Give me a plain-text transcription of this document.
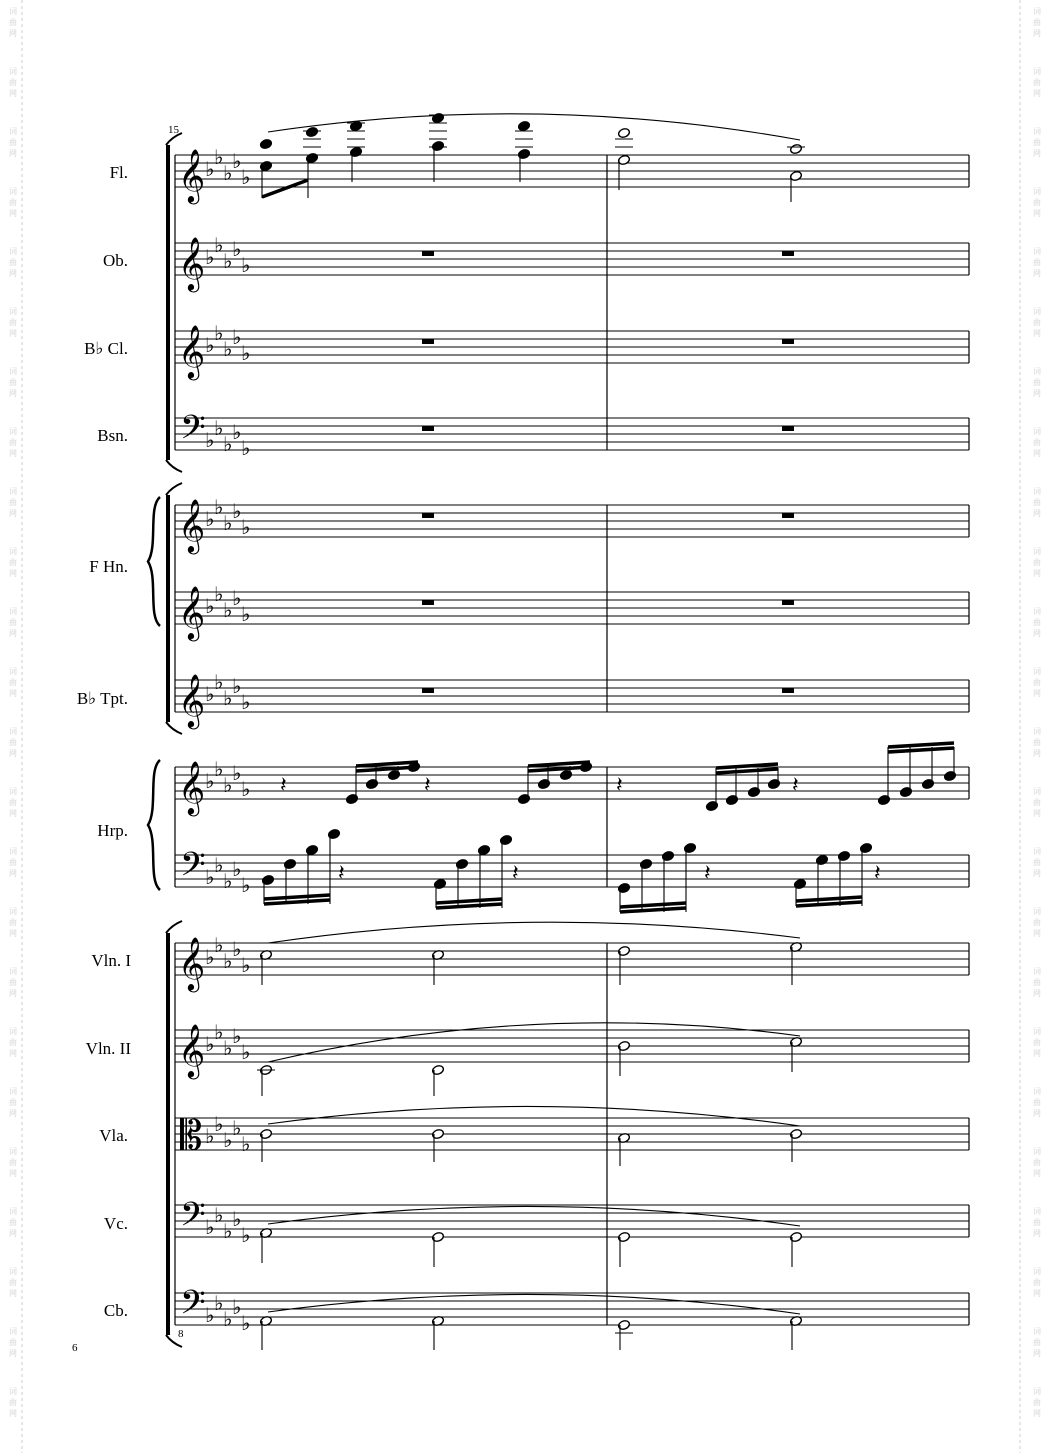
词
曲
网
词
曲
网
词
曲
网
词
曲
网
词
曲
网
词
曲
网
词
曲
网
词
曲
网
词
曲
网
词
曲
网
词
曲
网
词
曲
网
词
曲
网
词
曲
网
词
曲
网
词
曲
网
词
曲
网
词
曲
网
词
曲
网
词
曲
网
词
曲
网
词
曲
网
词
曲
网
词
曲
网
词
曲
网
词
曲
网
词
曲
网
词
曲
网
词
曲
网
词
曲
网
词
曲
网
词
曲
网
词
曲
网
词
曲
网
词
曲
网
词
曲
网
词
曲
网
词
曲
网
词
曲
网
词
曲
网
词
曲
网
词
曲
网
词
曲
网
词
曲
网
词
曲
网
词
曲
网
词
曲
网
词
曲
网
𝄞 ♭ ♭
♭ ♭
♭
𝄞 ♭ ♭
♭ ♭
♭
𝄞 ♭ ♭
♭ ♭
♭
𝄢 ♭ ♭
♭ ♭
♭
𝄞 ♭ ♭
♭ ♭
♭
𝄞 ♭ ♭
♭ ♭
♭
𝄞 ♭ ♭
♭ ♭
♭
𝄞 ♭ ♭
♭ ♭
♭
𝄢 ♭ ♭
♭ ♭
♭
𝄞 ♭ ♭
♭ ♭
♭
𝄞 ♭ ♭
♭ ♭
♭
𝄡 ♭ ♭
♭ ♭
♭
𝄢 ♭ ♭
♭ ♭
♭
𝄢 ♭ ♭
♭ ♭
♭
𝄽	𝄽	𝄽	𝄽
𝄽	𝄽	𝄽	𝄽
Fl.
Ob.
B♭ Cl.
Bsn.
F Hn.
B♭ Tpt.
Hrp.
Vln. I
Vln. II
Vla.
Vc.
Cb.
15
6
8
